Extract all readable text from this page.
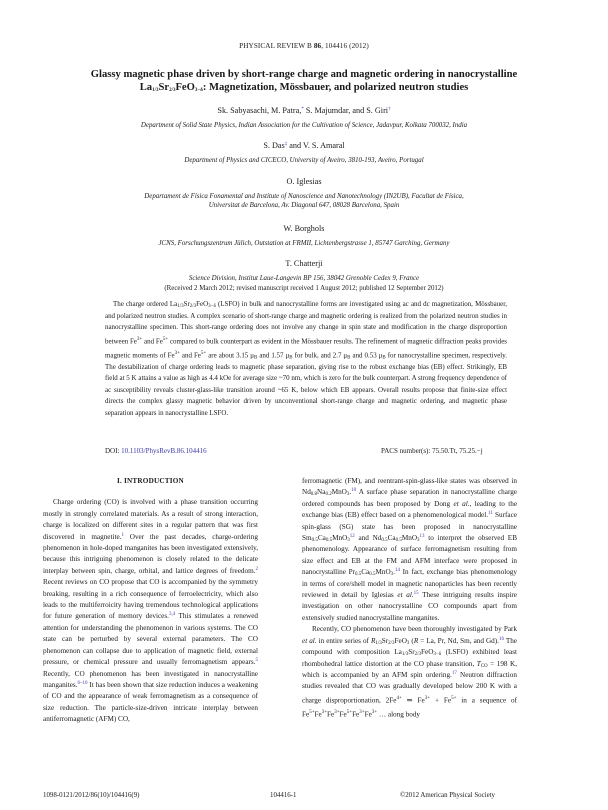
PHYSICAL REVIEW B 86, 104416 (2012)
Glassy magnetic phase driven by short-range charge and magnetic ordering in nanocrystalline
$La_{1/3}Sr_{2/3}FeO_{3-\delta}$: Magnetization, Mössbauer, and polarized neutron studies
Sk. Sabyasachi, M. Patra,* S. Majumdar, and S. Giri†
Department of Solid State Physics, Indian Association for the Cultivation of Science, Jadavpur, Kolkata 700032, India
S. Das‡ and V. S. Amaral
Department of Physics and CICECO, University of Aveiro, 3810-193, Aveiro, Portugal
O. Iglesias
Departament de Física Fonamental and Institute of Nanoscience and Nanotechnology (IN2UB), Facultat de Física,
Universitat de Barcelona, Av. Diagonal 647, 08028 Barcelona, Spain
W. Borghols
JCNS, Forschungszentrum Jülich, Outstation at FRMII, Lichtenbergstrasse 1, 85747 Garching, Germany
T. Chatterji
Science Division, Institut Laue-Langevin BP 156, 38042 Grenoble Cedex 9, France
(Received 2 March 2012; revised manuscript received 1 August 2012; published 12 September 2012)
The charge ordered $La_{1/3}Sr_{2/3}FeO_{3-\delta}$ (LSFO) in bulk and nanocrystalline forms are investigated using ac and dc magnetization, Mössbauer, and polarized neutron studies. A complex scenario of short-range charge and magnetic ordering is realized from the polarized neutron studies in nanocrystalline specimen. This short-range ordering does not involve any change in spin state and modification in the charge disproportion between $Fe^{3+}$ and $Fe^{5+}$ compared to bulk counterpart as evident in the Mössbauer results. The refinement of magnetic diffraction peaks provides magnetic moments of $Fe^{3+}$ and $Fe^{5+}$ are about 3.15 $\mu_B$ and 1.57 $\mu_B$ for bulk, and 2.7 $\mu_B$ and 0.53 $\mu_B$ for nanocrystalline specimen, respectively. The destabilization of charge ordering leads to magnetic phase separation, giving rise to the robust exchange bias (EB) effect. Strikingly, EB field at 5 K attains a value as high as 4.4 kOe for average size ~70 nm, which is zero for the bulk counterpart. A strong frequency dependence of ac susceptibility reveals cluster-glass-like transition around ~65 K, below which EB appears. Overall results propose that finite-size effect directs the complex glassy magnetic behavior driven by unconventional short-range charge and magnetic ordering, and magnetic phase separation appears in nanocrystalline LSFO.
DOI: 10.1103/PhysRevB.86.104416	PACS number(s): 75.50.Tt, 75.25.−j
I. INTRODUCTION

Charge ordering (CO) is involved with a phase transition occurring mostly in strongly correlated materials. As a result of strong interaction, charge is localized on different sites in a regular pattern that was first discovered in magnetite.$^1$ Over the past decades, charge-ordering phenomenon in hole-doped manganites has been investigated extensively, because this intriguing phenomenon is closely related to the delicate interplay between spin, charge, orbital, and lattice degrees of freedom.$^2$ Recent reviews on CO propose that CO is accompanied by the symmetry breaking, resulting in a rich consequence of ferroelectricity, which also leads to the multiferroicity having tremendous technological applications for future generation of memory devices.$^{3,4}$ This stimulates a renewed attention for understanding the phenomenon in various systems. The CO state can be perturbed by several external parameters. The CO phenomenon can collapse due to application of magnetic field, external pressure, or chemical pressure and usually ferromagnetism appears.$^5$ Recently, CO phenomenon has been investigated in nanocrystalline manganites.$^{6-10}$ It has been shown that size reduction induces a weakening of CO and the appearance of weak ferromagnetism as a consequence of size reduction. The particle-size-driven intricate interplay between antiferromagnetic (AFM) CO,

ferromagnetic (FM), and reentrant-spin-glass-like states was observed in $Nd_{0.8}Na_{0.2}MnO_3.^{10}$ A surface phase separation in nanocrystalline charge ordered compounds has been proposed by Dong et al., leading to the exchange bias (EB) effect based on a phenomenological model.$^{11}$ Surface spin-glass (SG) state has been proposed in nanocrystalline $Sm_{0.5}Ca_{0.5}MnO_3^{12}$ and $Nd_{0.5}Ca_{0.5}MnO_3^{13}$ to interpret the observed EB phenomenology. Appearance of surface ferromagnetism resulting from size effect and EB at the FM and AFM interface were proposed in nanocrystalline $Pr_{0.5}Ca_{0.5}MnO_3.^{14}$ In fact, exchange bias phenomenology in terms of core/shell model in magnetic nanoparticles has been recently reviewed in detail by Iglesias et al.$^{15}$ These intriguing results inspire investigation on other nanocrystalline CO compounds apart from extensively studied nanocrystalline manganites.

Recently, CO phenomenon have been thoroughly investigated by Park et al. in entire series of $R_{1/3}Sr_{2/3}FeO_3$ (R = La, Pr, Nd, Sm, and Gd).$^{16}$ The compound with composition $La_{1/3}Sr_{2/3}FeO_{3-\delta}$ (LSFO) exhibited least rhombohedral lattice distortion at the CO phase transition, $T_{CO} = 198$ K, which is accompanied by an AFM spin ordering.$^{17}$ Neutron diffraction studies revealed that CO was gradually developed below 200 K with a charge disproportionation, $2Fe^{4+}$ ⇒ $Fe^{3+} + Fe^{5+}$ in a sequence of $Fe^{5+}Fe^{3+}Fe^{3+}Fe^{5+}Fe^{3+}Fe^{3+}$ … along body

1098-0121/2012/86(10)/104416(9)	104416-1	©2012 American Physical Society
